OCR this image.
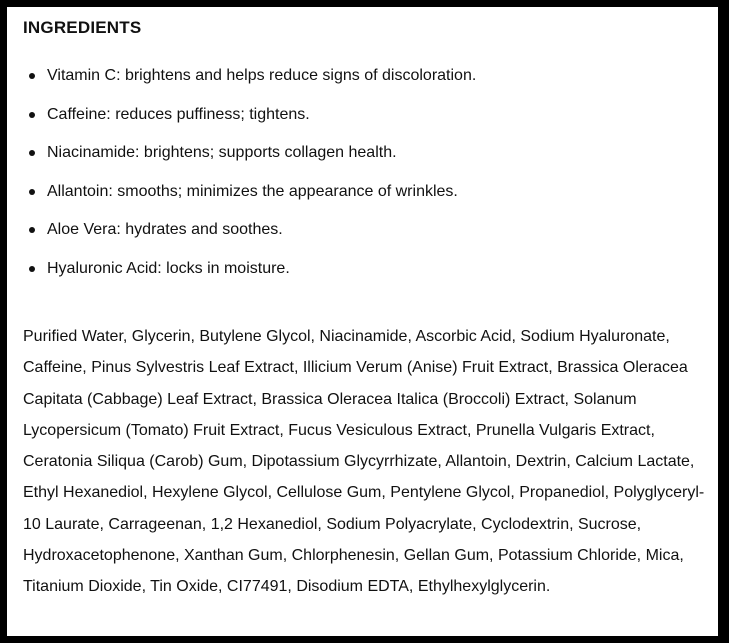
INGREDIENTS
Vitamin C: brightens and helps reduce signs of discoloration.
Caffeine: reduces puffiness; tightens.
Niacinamide: brightens; supports collagen health.
Allantoin: smooths; minimizes the appearance of wrinkles.
Aloe Vera: hydrates and soothes.
Hyaluronic Acid: locks in moisture.

Purified Water, Glycerin, Butylene Glycol, Niacinamide, Ascorbic Acid, Sodium Hyaluronate, Caffeine, Pinus Sylvestris Leaf Extract, Illicium Verum (Anise) Fruit Extract, Brassica Oleracea Capitata (Cabbage) Leaf Extract, Brassica Oleracea Italica (Broccoli) Extract, Solanum Lycopersicum (Tomato) Fruit Extract, Fucus Vesiculous Extract, Prunella Vulgaris Extract, Ceratonia Siliqua (Carob) Gum, Dipotassium Glycyrrhizate, Allantoin, Dextrin, Calcium Lactate, Ethyl Hexanediol, Hexylene Glycol, Cellulose Gum, Pentylene Glycol, Propanediol, Polyglyceryl-10 Laurate, Carrageenan, 1,2 Hexanediol, Sodium Polyacrylate, Cyclodextrin, Sucrose, Hydroxacetophenone, Xanthan Gum, Chlorphenesin, Gellan Gum, Potassium Chloride, Mica, Titanium Dioxide, Tin Oxide, CI77491, Disodium EDTA, Ethylhexylglycerin.
